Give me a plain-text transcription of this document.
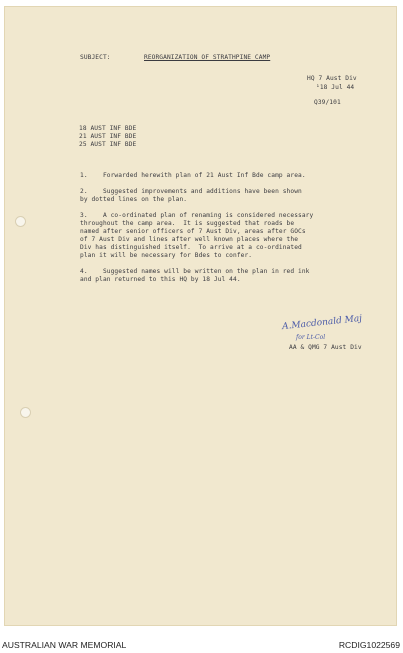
SUBJECT:	REORGANIZATION OF STRATHPINE CAMP
HQ 7 Aust Div
¹18 Jul 44
Q39/101
18 AUST INF BDE
21 AUST INF BDE
25 AUST INF BDE
1.    Forwarded herewith plan of 21 Aust Inf Bde camp area.
2.    Suggested improvements and additions have been shown
by dotted lines on the plan.
3.    A co-ordinated plan of renaming is considered necessary
throughout the camp area.  It is suggested that roads be
named after senior officers of 7 Aust Div, areas after GOCs
of 7 Aust Div and lines after well known places where the
Div has distinguished itself.  To arrive at a co-ordinated
plan it will be necessary for Bdes to confer.
4.    Suggested names will be written on the plan in red ink
and plan returned to this HQ by 18 Jul 44.
A.Macdonald Maj
for Lt-Col
AA & QMG 7 Aust Div
AUSTRALIAN WAR MEMORIAL	RCDIG1022569
